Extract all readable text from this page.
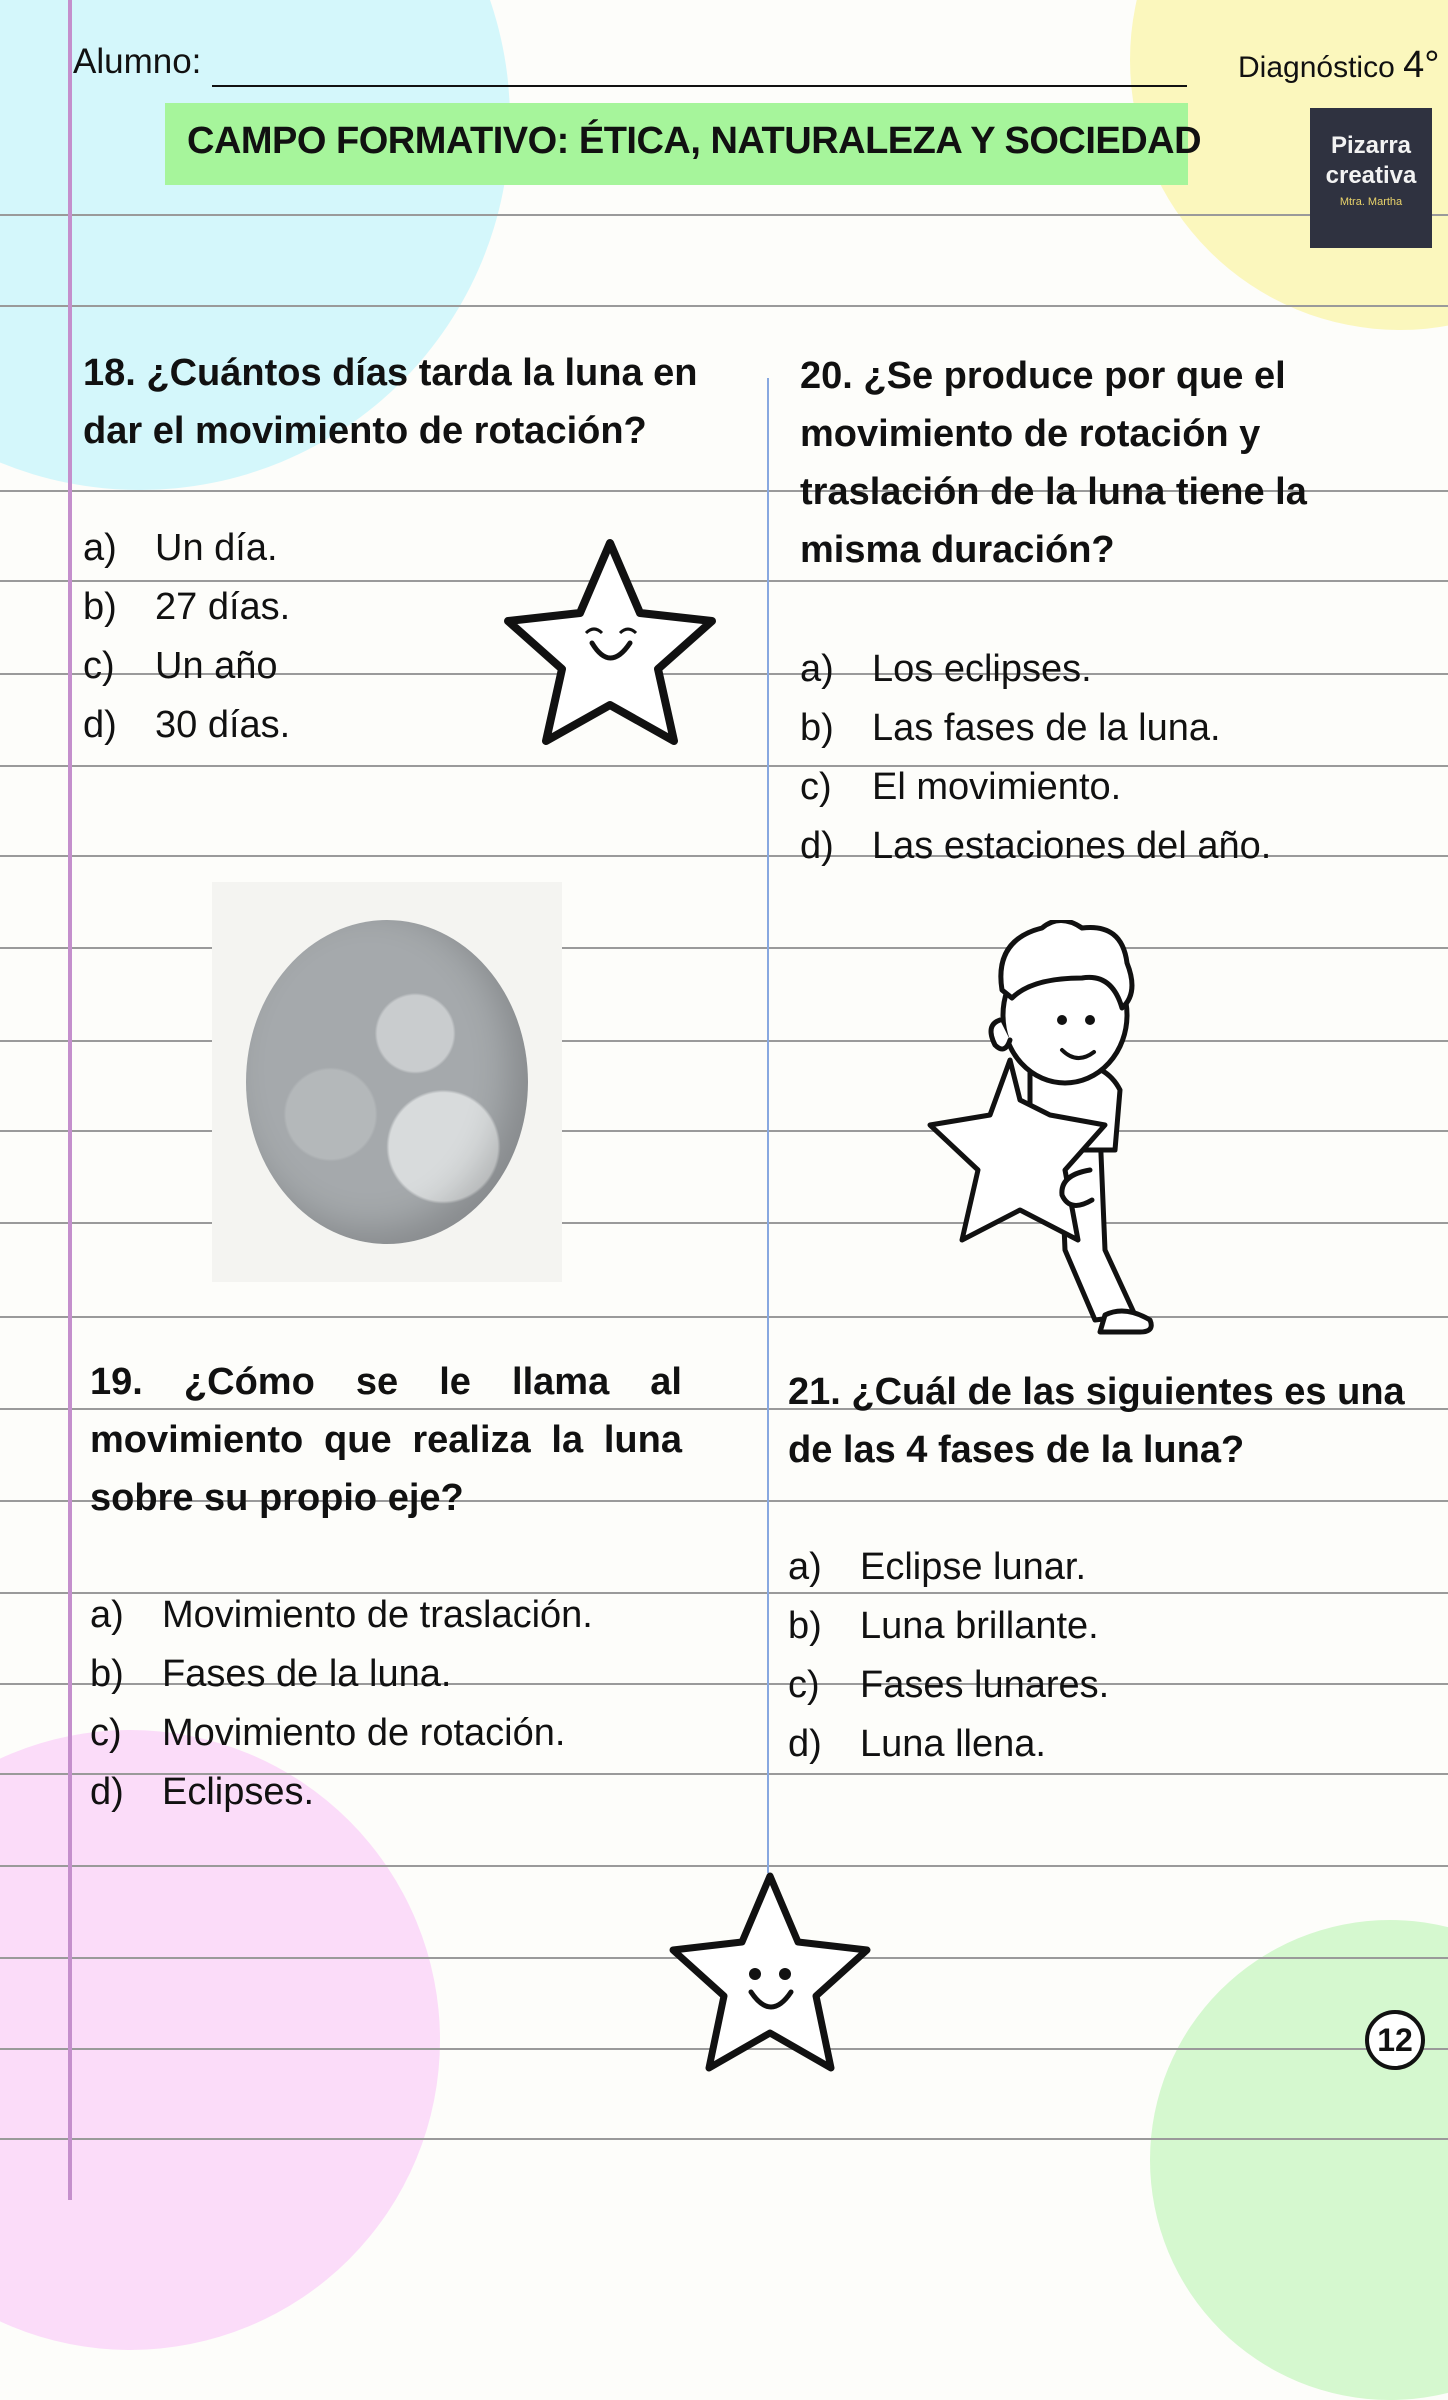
Alumno:	Diagnóstico 4°
CAMPO FORMATIVO: ÉTICA, NATURALEZA Y SOCIEDAD	Pizarra
creativa
Mtra. Martha
18. ¿Cuántos días tarda la luna en dar el movimiento de rotación?
a) Un día.
b) 27 días.
c) Un año
d) 30 días.
19. ¿Cómo se le llama al movimiento que realiza la luna sobre su propio eje?
a) Movimiento de traslación.
b) Fases de la luna.
c) Movimiento de rotación.
d) Eclipses.
20. ¿Se produce por que el movimiento de rotación y traslación de la luna tiene la misma duración?
a) Los eclipses.
b) Las fases de la luna.
c) El movimiento.
d) Las estaciones del año.
21. ¿Cuál de las siguientes es una de las 4 fases de la luna?
a) Eclipse lunar.
b) Luna brillante.
c) Fases lunares.
d) Luna llena.
12
